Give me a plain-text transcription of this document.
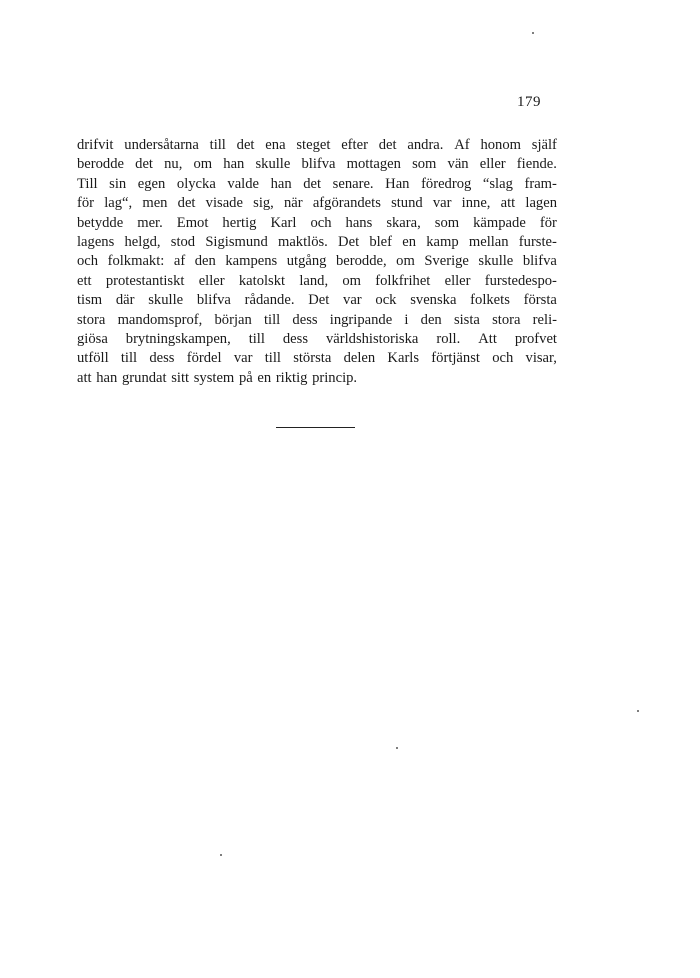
179
drifvit undersåtarna till det ena steget efter det andra. Af honom själf
berodde det nu, om han skulle blifva mottagen som vän eller fiende.
Till sin egen olycka valde han det senare. Han föredrog “slag fram-
för lag“, men det visade sig, när afgörandets stund var inne, att lagen
betydde mer. Emot hertig Karl och hans skara, som kämpade för
lagens helgd, stod Sigismund maktlös. Det blef en kamp mellan furste-
och folkmakt: af den kampens utgång berodde, om Sverige skulle blifva
ett protestantiskt eller katolskt land, om folkfrihet eller furstedespo-
tism där skulle blifva rådande. Det var ock svenska folkets första
stora mandomsprof, början till dess ingripande i den sista stora reli-
giösa brytningskampen, till dess världshistoriska roll. Att profvet
utföll till dess fördel var till största delen Karls förtjänst och visar,
att
han
grundat
sitt
system
på
en
riktig
princip.
